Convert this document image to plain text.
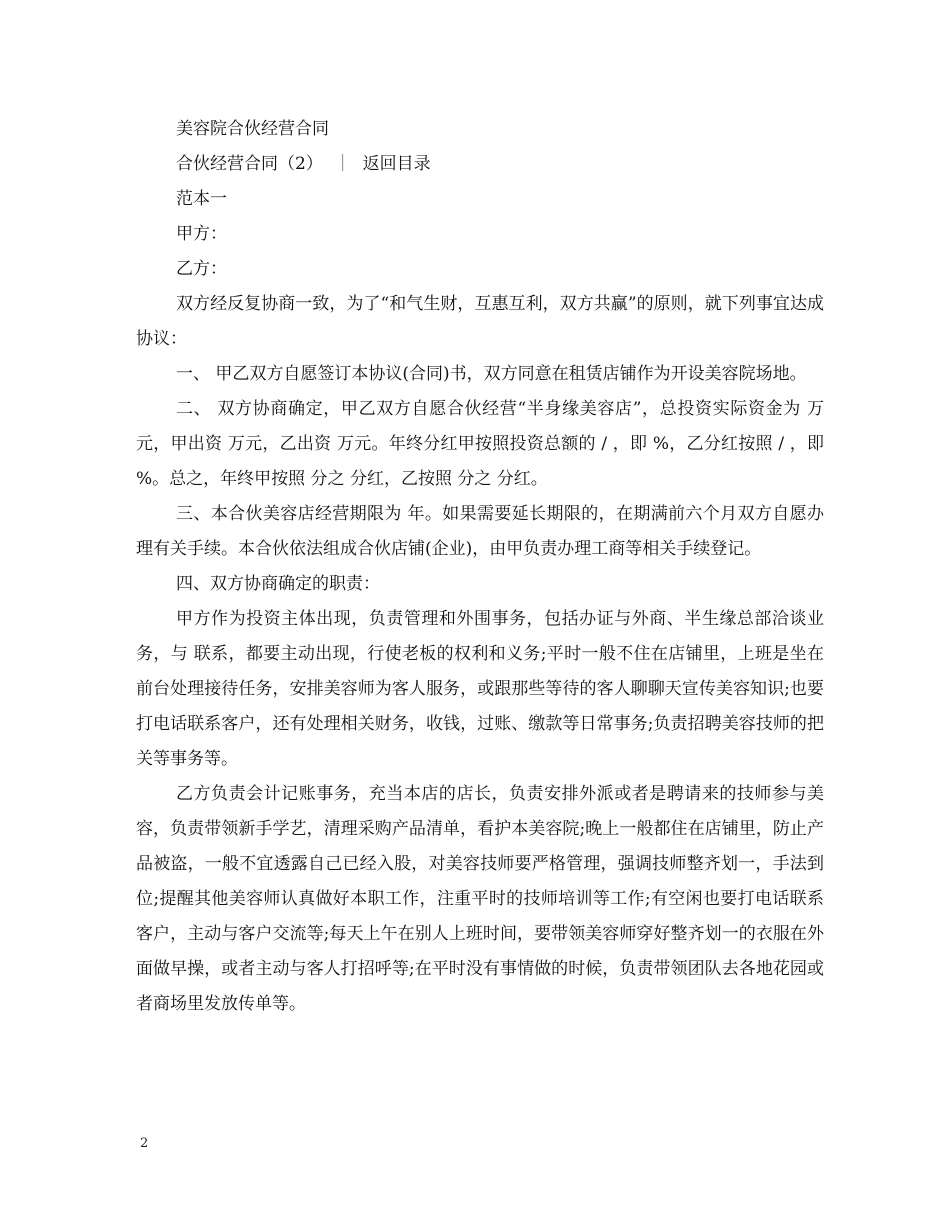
美容院合伙经营合同

合伙经营合同（2） ｜ 返回目录

范本一

甲方：

乙方：

双方经反复协商一致，为了“和气生财，互惠互利，双方共赢”的原则，就下列事宜达成协议：

一、 甲乙双方自愿签订本协议(合同)书，双方同意在租赁店铺作为开设美容院场地。

二、 双方协商确定，甲乙双方自愿合伙经营“半身缘美容店”，总投资实际资金为 万元，甲出资 万元，乙出资 万元。年终分红甲按照投资总额的 / ，即 %，乙分红按照 / ，即 %。总之，年终甲按照 分之 分红，乙按照 分之 分红。

三、本合伙美容店经营期限为 年。如果需要延长期限的，在期满前六个月双方自愿办理有关手续。本合伙依法组成合伙店铺(企业)，由甲负责办理工商等相关手续登记。

四、双方协商确定的职责：

甲方作为投资主体出现，负责管理和外围事务，包括办证与外商、半生缘总部洽谈业务，与 联系，都要主动出现，行使老板的权利和义务;平时一般不住在店铺里，上班是坐在前台处理接待任务，安排美容师为客人服务，或跟那些等待的客人聊聊天宣传美容知识;也要打电话联系客户，还有处理相关财务，收钱，过账、缴款等日常事务;负责招聘美容技师的把关等事务等。

乙方负责会计记账事务，充当本店的店长，负责安排外派或者是聘请来的技师参与美容，负责带领新手学艺，清理采购产品清单，看护本美容院;晚上一般都住在店铺里，防止产品被盗，一般不宜透露自己已经入股，对美容技师要严格管理，强调技师整齐划一，手法到位;提醒其他美容师认真做好本职工作，注重平时的技师培训等工作;有空闲也要打电话联系客户，主动与客户交流等;每天上午在别人上班时间，要带领美容师穿好整齐划一的衣服在外面做早操，或者主动与客人打招呼等;在平时没有事情做的时候，负责带领团队去各地花园或者商场里发放传单等。

2
